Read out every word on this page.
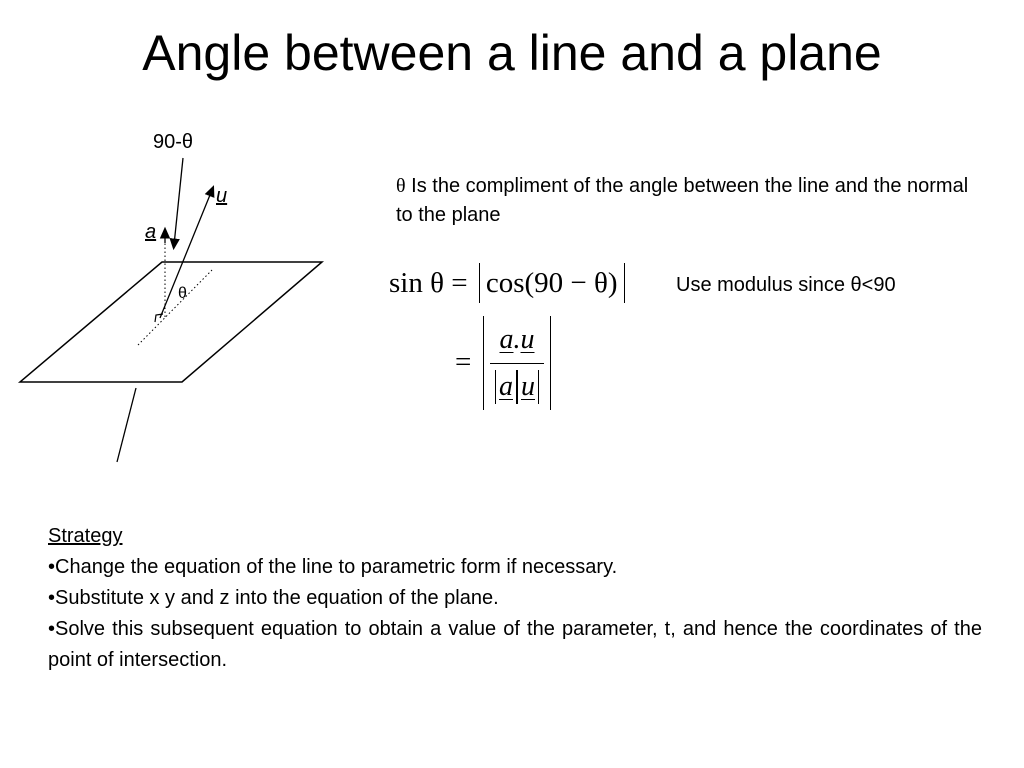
Angle between a line and a plane
90-θ
u
a
θ
θ Is the compliment of the angle between the line and the normal to the plane
sin θ = cos(90 − θ)	Use modulus since θ<90
=
a.u
a u
Strategy
•Change the equation of the line to parametric form if necessary.
•Substitute x y and z into the equation of the plane.
•Solve this subsequent equation to obtain a value of the parameter, t, and hence the coordinates of the point of intersection.
